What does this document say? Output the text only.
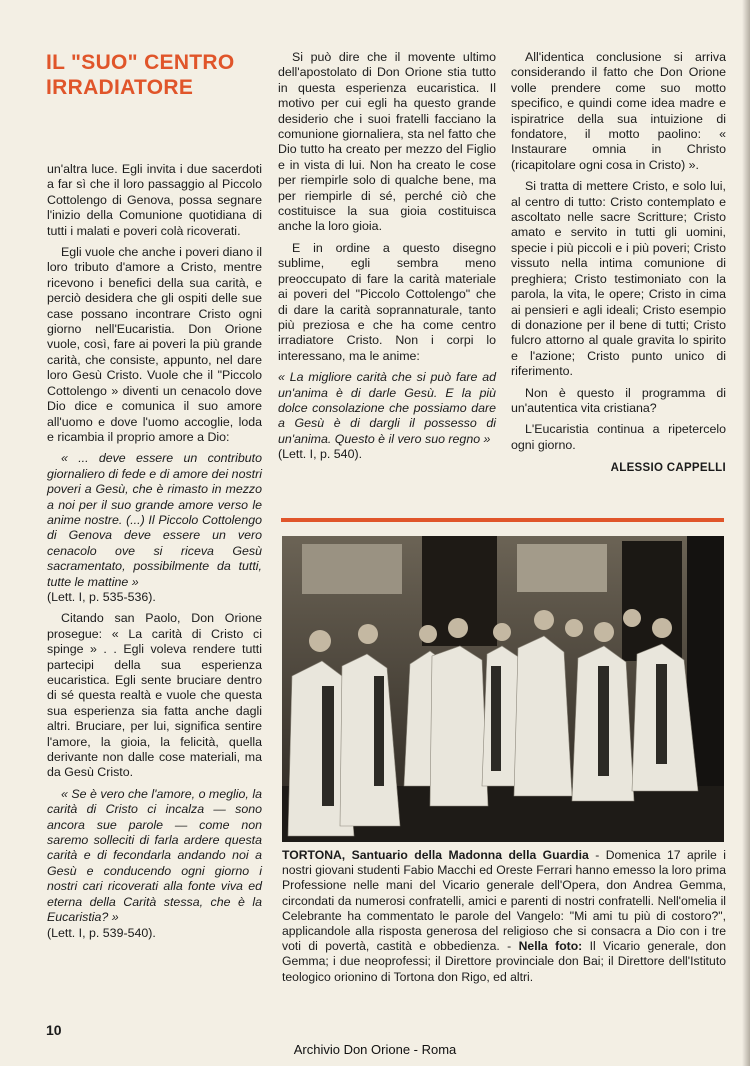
IL "SUO" CENTRO
IRRADIATORE

un'altra luce. Egli invita i due sacerdoti a far sì che il loro passaggio al Piccolo Cottolengo di Genova, possa segnare l'inizio della Comunione quotidiana di tutti i malati e poveri colà ricoverati.

Egli vuole che anche i poveri diano il loro tributo d'amore a Cristo, mentre ricevono i benefici della sua carità, e perciò desidera che gli ospiti delle sue case possano incontrare Cristo ogni giorno nell'Eucaristia. Don Orione vuole, così, fare ai poveri la più grande carità, che consiste, appunto, nel dare loro Gesù Cristo. Vuole che il "Piccolo Cottolengo » diventi un cenacolo dove Dio dice e comunica il suo amore all'uomo e dove l'uomo accoglie, loda e ricambia il proprio amore a Dio:

« ... deve essere un contributo giornaliero di fede e di amore dei nostri poveri a Gesù, che è rimasto in mezzo a noi per il suo grande amore verso le anime nostre. (...) Il Piccolo Cottolengo di Genova deve essere un vero cenacolo ove si riceva Gesù sacramentato, possibilmente da tutti, tutte le mattine »

(Lett. I, p. 535-536).

Citando san Paolo, Don Orione prosegue: « La carità di Cristo ci spinge » . . Egli voleva rendere tutti partecipi della sua esperienza eucaristica. Egli sente bruciare dentro di sé questa realtà e vuole che questa sua esperienza sia fatta anche dagli altri. Bruciare, per lui, significa sentire l'amore, la gioia, la felicità, quella derivante non dalle cose materiali, ma da Gesù Cristo.

« Se è vero che l'amore, o meglio, la carità di Cristo ci incalza — sono ancora sue parole — come non saremo solleciti di farla ardere questa carità e di fecondarla andando noi a Gesù e conducendo ogni giorno i nostri cari ricoverati alla fonte viva ed eterna della Carità stessa, che è la Eucaristia? »

(Lett. I, p. 539-540).

Si può dire che il movente ultimo dell'apostolato di Don Orione stia tutto in questa esperienza eucaristica. Il motivo per cui egli ha questo grande desiderio che i suoi fratelli facciano la comunione giornaliera, sta nel fatto che Dio tutto ha creato per mezzo del Figlio e in vista di lui. Non ha creato le cose per riempirle solo di qualche bene, ma per riempirle di sé, perché ciò che costituisce la sua gioia costituisca anche la loro gioia.

E in ordine a questo disegno sublime, egli sembra meno preoccupato di fare la carità materiale ai poveri del "Piccolo Cottolengo" che di dare la carità soprannaturale, tanto più preziosa e che ha come centro irradiatore Cristo. Non i corpi lo interessano, ma le anime:

« La migliore carità che si può fare ad un'anima è di darle Gesù. E la più dolce consolazione che possiamo dare a Gesù è di dargli il possesso di un'anima. Questo è il vero suo regno »

(Lett. I, p. 540).

All'identica conclusione si arriva considerando il fatto che Don Orione volle prendere come suo motto specifico, e quindi come idea madre e ispiratrice della sua intuizione di fondatore, il motto paolino: « Instaurare omnia in Christo (ricapitolare ogni cosa in Cristo) ».

Si tratta di mettere Cristo, e solo lui, al centro di tutto: Cristo contemplato e ascoltato nelle sacre Scritture; Cristo amato e servito in tutti gli uomini, specie i più piccoli e i più poveri; Cristo vissuto nella intima comunione di preghiera; Cristo testimoniato con la parola, la vita, le opere; Cristo in cima ai pensieri e agli ideali; Cristo esempio di donazione per il bene di tutti; Cristo fulcro attorno al quale gravita lo spirito e l'azione; Cristo punto unico di riferimento.

Non è questo il programma di un'autentica vita cristiana?

L'Eucaristia continua a ripetercelo ogni giorno.

ALESSIO CAPPELLI
TORTONA, Santuario della Madonna della Guardia - Domenica 17 aprile i nostri giovani studenti Fabio Macchi ed Oreste Ferrari hanno emesso la loro prima Professione nelle mani del Vicario generale dell'Opera, don Andrea Gemma, circondati da numerosi confratelli, amici e parenti di nostri confratelli. Nell'omelia il Celebrante ha commentato le parole del Vangelo: "Mi ami tu più di costoro?", applicandole alla risposta generosa del religioso che si consacra a Dio con i tre voti di povertà, castità e obbedienza. - Nella foto: Il Vicario generale, don Gemma; i due neoprofessi; il Direttore provinciale don Bai; il Direttore dell'Istituto teologico orionino di Tortona don Rigo, ed altri.
10
Archivio Don Orione - Roma
